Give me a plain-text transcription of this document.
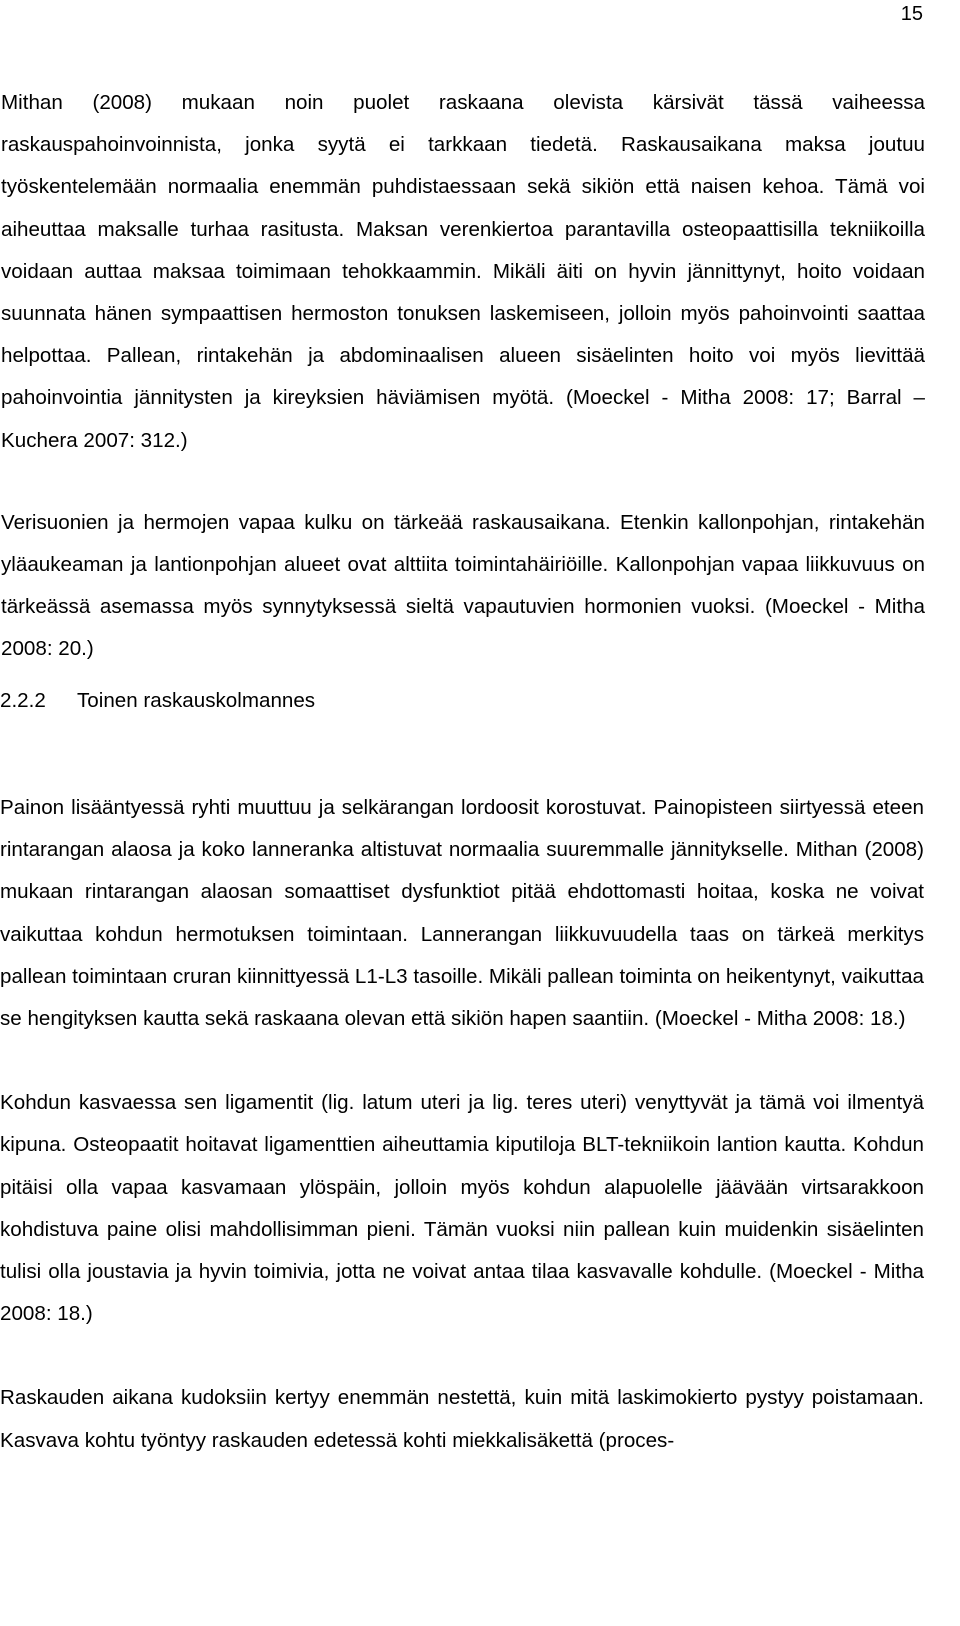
15

Mithan (2008) mukaan noin puolet raskaana olevista kärsivät tässä vaiheessa raskauspahoinvoinnista, jonka syytä ei tarkkaan tiedetä. Raskausaikana maksa joutuu työskentelemään normaalia enemmän puhdistaessaan sekä sikiön että naisen kehoa. Tämä voi aiheuttaa maksalle turhaa rasitusta. Maksan verenkiertoa parantavilla osteopaattisilla tekniikoilla voidaan auttaa maksaa toimimaan tehokkaammin. Mikäli äiti on hyvin jännittynyt, hoito voidaan suunnata hänen sympaattisen hermoston tonuksen laskemiseen, jolloin myös pahoinvointi saattaa helpottaa. Pallean, rintakehän ja abdominaalisen alueen sisäelinten hoito voi myös lievittää pahoinvointia jännitysten ja kireyksien häviämisen myötä. (Moeckel - Mitha 2008: 17; Barral – Kuchera 2007: 312.)

Verisuonien ja hermojen vapaa kulku on tärkeää raskausaikana. Etenkin kallonpohjan, rintakehän yläaukeaman ja lantionpohjan alueet ovat alttiita toimintahäiriöille. Kallonpohjan vapaa liikkuvuus on tärkeässä asemassa myös synnytyksessä sieltä vapautuvien hormonien vuoksi. (Moeckel - Mitha 2008: 20.)

2.2.2 Toinen raskauskolmannes

Painon lisääntyessä ryhti muuttuu ja selkärangan lordoosit korostuvat. Painopisteen siirtyessä eteen rintarangan alaosa ja koko lanneranka altistuvat normaalia suuremmalle jännitykselle. Mithan (2008) mukaan rintarangan alaosan somaattiset dysfunktiot pitää ehdottomasti hoitaa, koska ne voivat vaikuttaa kohdun hermotuksen toimintaan. Lannerangan liikkuvuudella taas on tärkeä merkitys pallean toimintaan cruran kiinnittyessä L1-L3 tasoille. Mikäli pallean toiminta on heikentynyt, vaikuttaa se hengityksen kautta sekä raskaana olevan että sikiön hapen saantiin. (Moeckel - Mitha 2008: 18.)

Kohdun kasvaessa sen ligamentit (lig. latum uteri ja lig. teres uteri) venyttyvät ja tämä voi ilmentyä kipuna. Osteopaatit hoitavat ligamenttien aiheuttamia kiputiloja BLT-tekniikoin lantion kautta. Kohdun pitäisi olla vapaa kasvamaan ylöspäin, jolloin myös kohdun alapuolelle jäävään virtsarakkoon kohdistuva paine olisi mahdollisimman pieni. Tämän vuoksi niin pallean kuin muidenkin sisäelinten tulisi olla joustavia ja hyvin toimivia, jotta ne voivat antaa tilaa kasvavalle kohdulle. (Moeckel - Mitha 2008: 18.)

Raskauden aikana kudoksiin kertyy enemmän nestettä, kuin mitä laskimokierto pystyy poistamaan. Kasvava kohtu työntyy raskauden edetessä kohti miekkalisäkettä (proces-
